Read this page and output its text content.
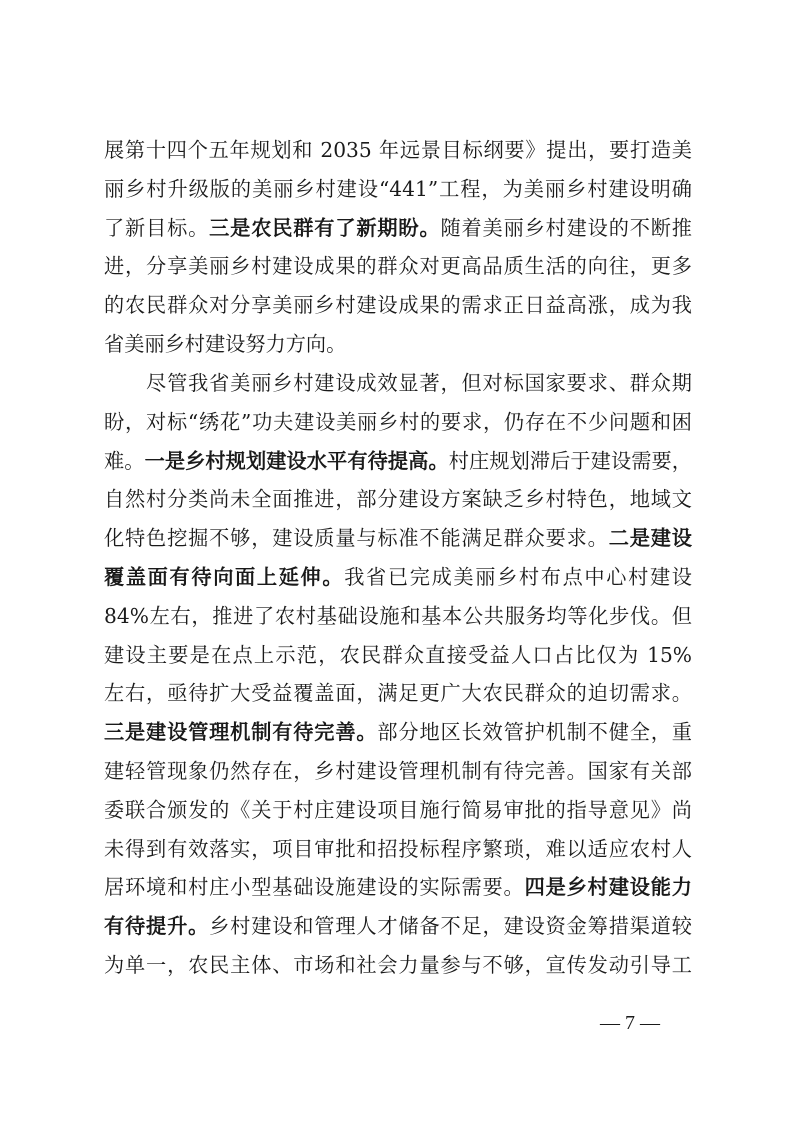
展第十四个五年规划和 2035 年远景目标纲要》提出，要打造美
丽乡村升级版的美丽乡村建设“441”工程，为美丽乡村建设明确
了新目标。三是农民群有了新期盼。随着美丽乡村建设的不断推
进，分享美丽乡村建设成果的群众对更高品质生活的向往，更多
的农民群众对分享美丽乡村建设成果的需求正日益高涨，成为我
省美丽乡村建设努力方向。
　　尽管我省美丽乡村建设成效显著，但对标国家要求、群众期
盼，对标“绣花”功夫建设美丽乡村的要求，仍存在不少问题和困
难。一是乡村规划建设水平有待提高。村庄规划滞后于建设需要，
自然村分类尚未全面推进，部分建设方案缺乏乡村特色，地域文
化特色挖掘不够，建设质量与标准不能满足群众要求。二是建设
覆盖面有待向面上延伸。我省已完成美丽乡村布点中心村建设
84%左右，推进了农村基础设施和基本公共服务均等化步伐。但
建设主要是在点上示范，农民群众直接受益人口占比仅为 15%
左右，亟待扩大受益覆盖面，满足更广大农民群众的迫切需求。
三是建设管理机制有待完善。部分地区长效管护机制不健全，重
建轻管现象仍然存在，乡村建设管理机制有待完善。国家有关部
委联合颁发的《关于村庄建设项目施行简易审批的指导意见》尚
未得到有效落实，项目审批和招投标程序繁琐，难以适应农村人
居环境和村庄小型基础设施建设的实际需要。四是乡村建设能力
有待提升。乡村建设和管理人才储备不足，建设资金筹措渠道较
为单一，农民主体、市场和社会力量参与不够，宣传发动引导工
— 7 —
